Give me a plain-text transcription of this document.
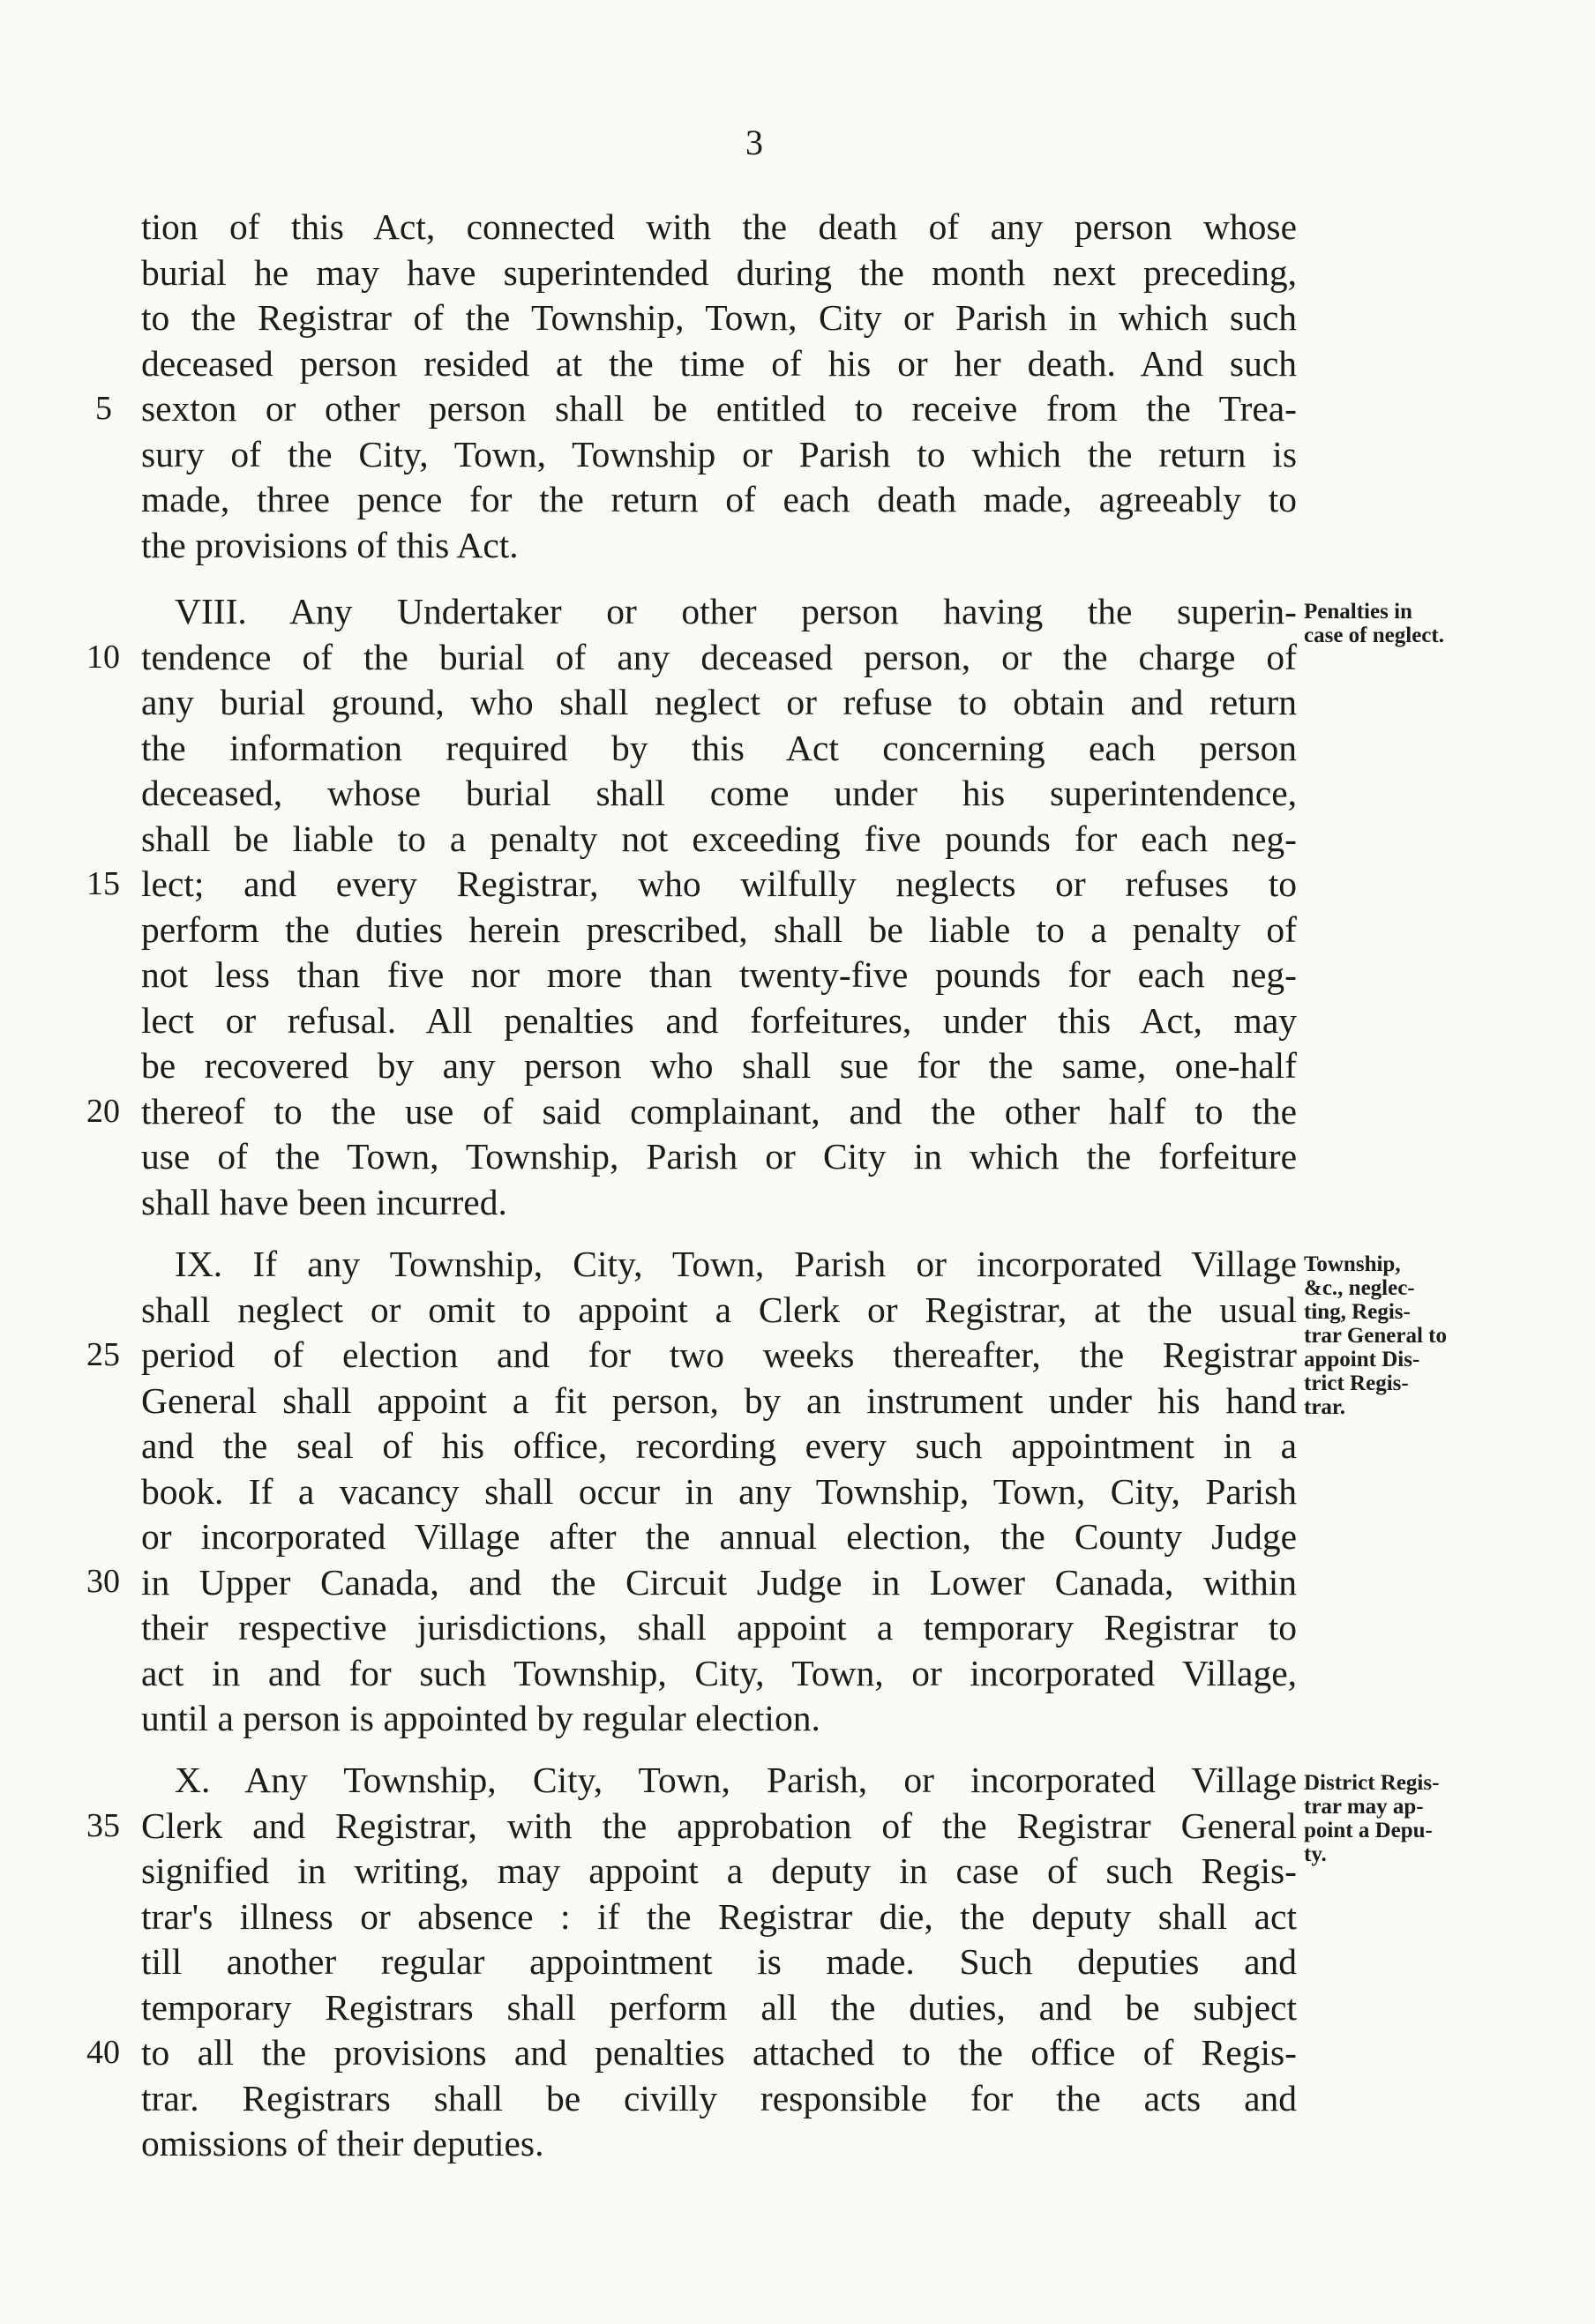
3
tion of this Act, connected with the death of any person whose
burial he may have superintended during the month next preceding,
to the Registrar of the Township, Town, City or Parish in which such
deceased person resided at the time of his or her death. And such
sexton or other person shall be entitled to receive from the Trea-
sury of the City, Town, Township or Parish to which the return is
made, three pence for the return of each death made, agreeably to
the provisions of this Act.
VIII. Any Undertaker or other person having the superin-
tendence of the burial of any deceased person, or the charge of
any burial ground, who shall neglect or refuse to obtain and return
the information required by this Act concerning each person
deceased, whose burial shall come under his superintendence,
shall be liable to a penalty not exceeding five pounds for each neg-
lect; and every Registrar, who wilfully neglects or refuses to
perform the duties herein prescribed, shall be liable to a penalty of
not less than five nor more than twenty-five pounds for each neg-
lect or refusal. All penalties and forfeitures, under this Act, may
be recovered by any person who shall sue for the same, one-half
thereof to the use of said complainant, and the other half to the
use of the Town, Township, Parish or City in which the forfeiture
shall have been incurred.
IX. If any Township, City, Town, Parish or incorporated Village
shall neglect or omit to appoint a Clerk or Registrar, at the usual
period of election and for two weeks thereafter, the Registrar
General shall appoint a fit person, by an instrument under his hand
and the seal of his office, recording every such appointment in a
book. If a vacancy shall occur in any Township, Town, City, Parish
or incorporated Village after the annual election, the County Judge
in Upper Canada, and the Circuit Judge in Lower Canada, within
their respective jurisdictions, shall appoint a temporary Registrar to
act in and for such Township, City, Town, or incorporated Village,
until a person is appointed by regular election.
X. Any Township, City, Town, Parish, or incorporated Village
Clerk and Registrar, with the approbation of the Registrar General
signified in writing, may appoint a deputy in case of such Regis-
trar's illness or absence : if the Registrar die, the deputy shall act
till another regular appointment is made. Such deputies and
temporary Registrars shall perform all the duties, and be subject
to all the provisions and penalties attached to the office of Regis-
trar. Registrars shall be civilly responsible for the acts and
omissions of their deputies.
5
10
15
20
25
30
35
40
Penalties in
case of neglect.
Township,
&c., neglec-
ting, Regis-
trar General to
appoint Dis-
trict Regis-
trar.
District Regis-
trar may ap-
point a Depu-
ty.
